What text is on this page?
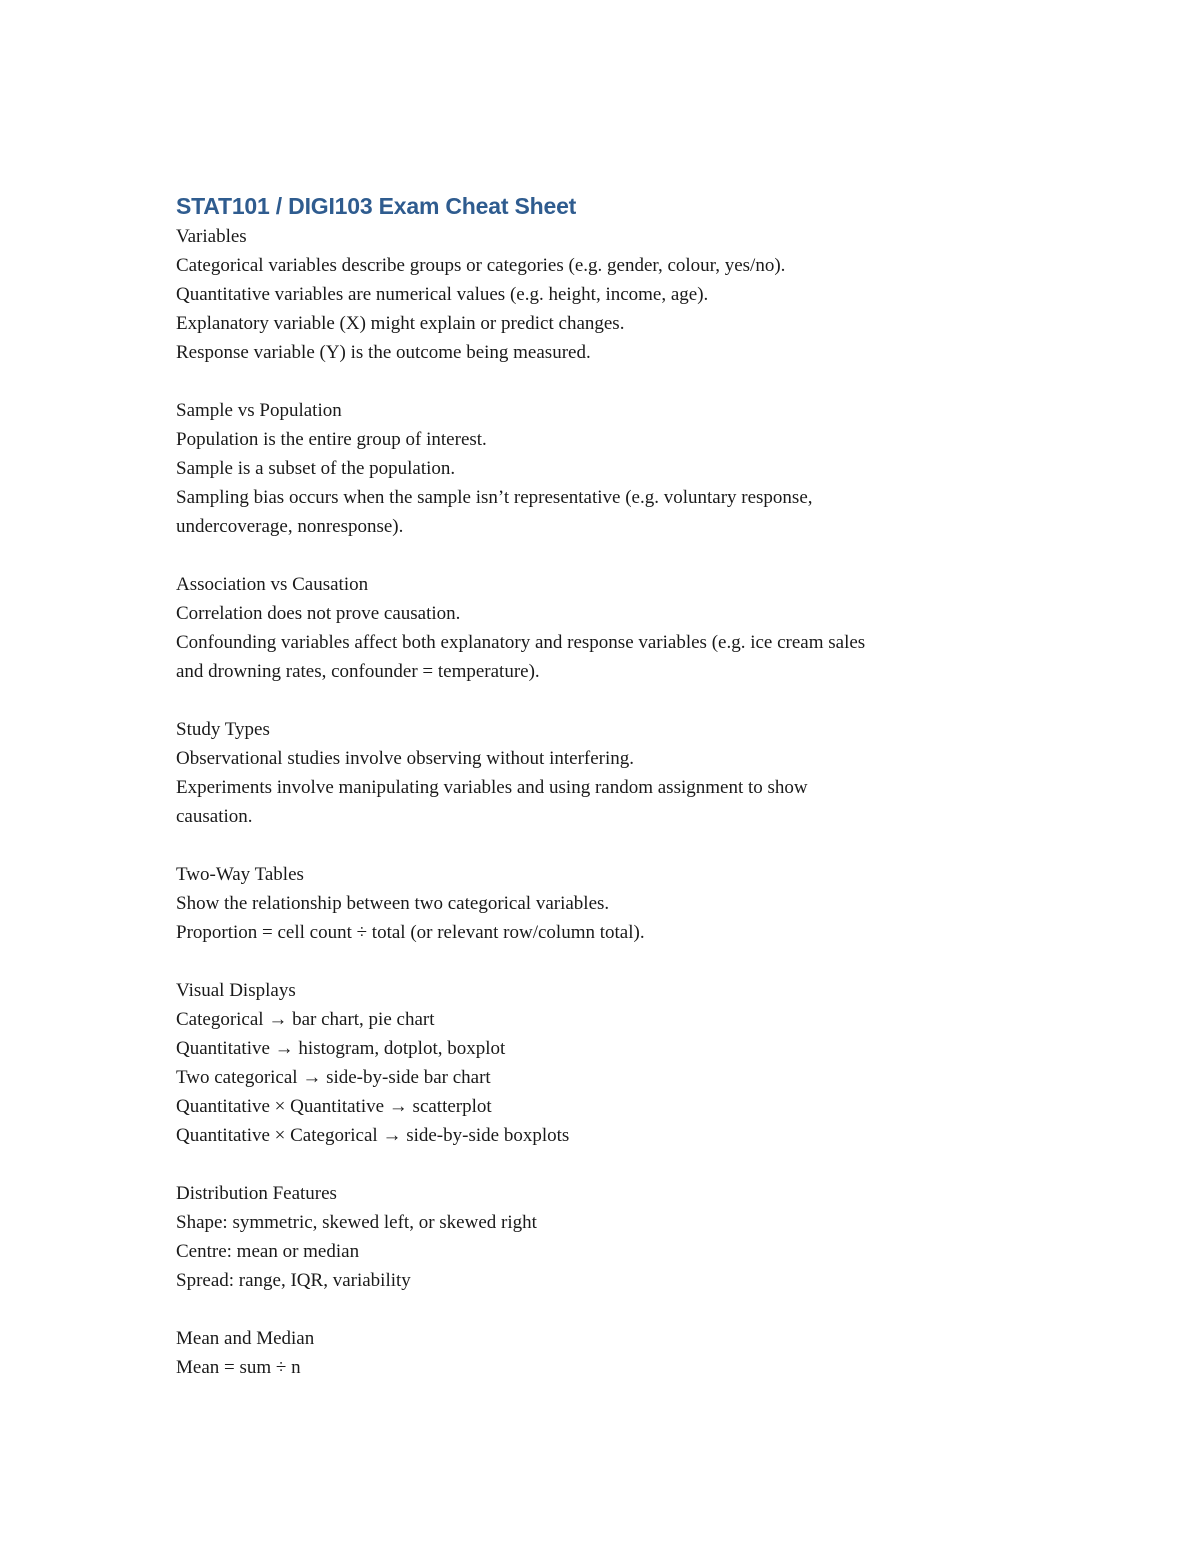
STAT101 / DIGI103 Exam Cheat Sheet

Variables

Categorical variables describe groups or categories (e.g. gender, colour, yes/no).

Quantitative variables are numerical values (e.g. height, income, age).

Explanatory variable (X) might explain or predict changes.

Response variable (Y) is the outcome being measured.

Sample vs Population

Population is the entire group of interest.

Sample is a subset of the population.

Sampling bias occurs when the sample isn’t representative (e.g. voluntary response,

undercoverage, nonresponse).

Association vs Causation

Correlation does not prove causation.

Confounding variables affect both explanatory and response variables (e.g. ice cream sales

and drowning rates, confounder = temperature).

Study Types

Observational studies involve observing without interfering.

Experiments involve manipulating variables and using random assignment to show

causation.

Two-Way Tables

Show the relationship between two categorical variables.

Proportion = cell count ÷ total (or relevant row/column total).

Visual Displays

Categorical → bar chart, pie chart

Quantitative → histogram, dotplot, boxplot

Two categorical → side-by-side bar chart

Quantitative × Quantitative → scatterplot

Quantitative × Categorical → side-by-side boxplots

Distribution Features

Shape: symmetric, skewed left, or skewed right

Centre: mean or median

Spread: range, IQR, variability

Mean and Median

Mean = sum ÷ n
